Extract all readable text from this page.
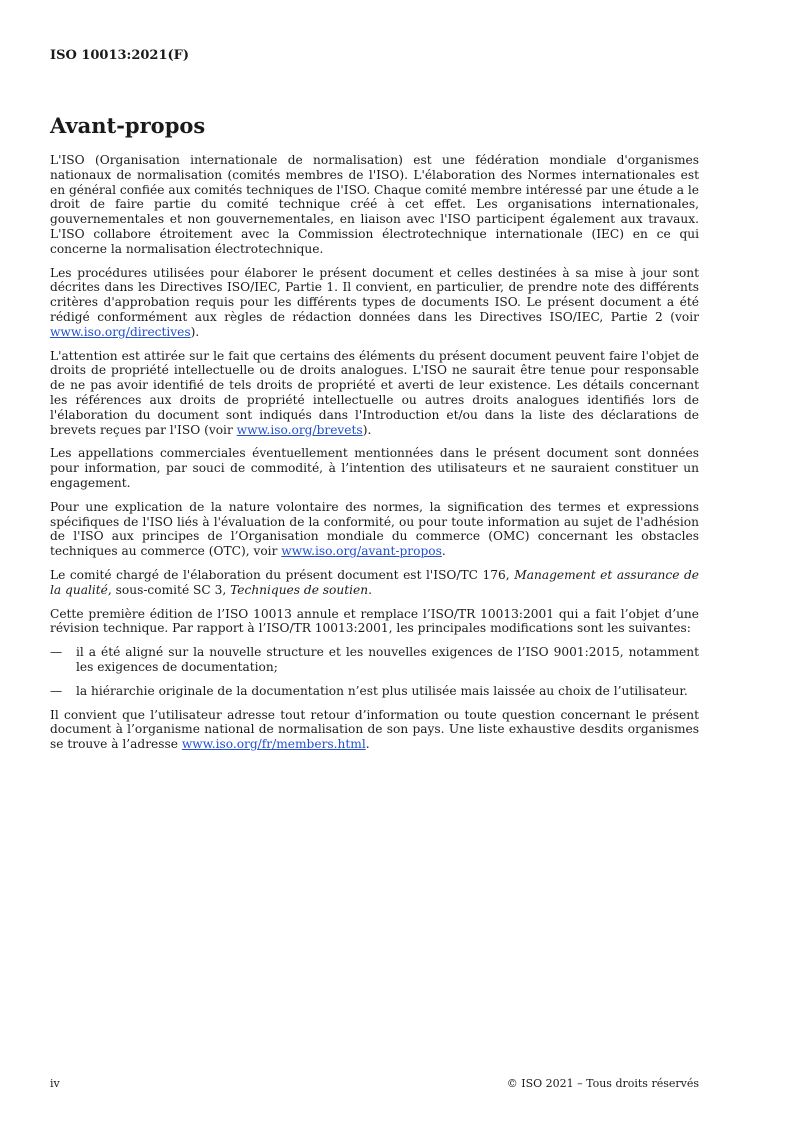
ISO 10013:2021(F)
Avant-propos

L'ISO (Organisation internationale de normalisation) est une fédération mondiale d'organismes nationaux de normalisation (comités membres de l'ISO). L'élaboration des Normes internationales est en général confiée aux comités techniques de l'ISO. Chaque comité membre intéressé par une étude a le droit de faire partie du comité technique créé à cet effet. Les organisations internationales, gouvernementales et non gouvernementales, en liaison avec l'ISO participent également aux travaux. L'ISO collabore étroitement avec la Commission électrotechnique internationale (IEC) en ce qui concerne la normalisation électrotechnique.

Les procédures utilisées pour élaborer le présent document et celles destinées à sa mise à jour sont décrites dans les Directives ISO/IEC, Partie 1. Il convient, en particulier, de prendre note des différents critères d'approbation requis pour les différents types de documents ISO. Le présent document a été rédigé conformément aux règles de rédaction données dans les Directives ISO/IEC, Partie 2 (voir www.iso.org/directives).

L'attention est attirée sur le fait que certains des éléments du présent document peuvent faire l'objet de droits de propriété intellectuelle ou de droits analogues. L'ISO ne saurait être tenue pour responsable de ne pas avoir identifié de tels droits de propriété et averti de leur existence. Les détails concernant les références aux droits de propriété intellectuelle ou autres droits analogues identifiés lors de l'élaboration du document sont indiqués dans l'Introduction et/ou dans la liste des déclarations de brevets reçues par l'ISO (voir www.iso.org/brevets).

Les appellations commerciales éventuellement mentionnées dans le présent document sont données pour information, par souci de commodité, à l’intention des utilisateurs et ne sauraient constituer un engagement.

Pour une explication de la nature volontaire des normes, la signification des termes et expressions spécifiques de l'ISO liés à l'évaluation de la conformité, ou pour toute information au sujet de l'adhésion de l'ISO aux principes de l’Organisation mondiale du commerce (OMC) concernant les obstacles techniques au commerce (OTC), voir www.iso.org/avant-propos.

Le comité chargé de l'élaboration du présent document est l'ISO/TC 176, Management et assurance de la qualité, sous-comité SC 3, Techniques de soutien.

Cette première édition de l’ISO 10013 annule et remplace l’ISO/TR 10013:2001 qui a fait l’objet d’une révision technique. Par rapport à l’ISO/TR 10013:2001, les principales modifications sont les suivantes:

—	il a été aligné sur la nouvelle structure et les nouvelles exigences de l’ISO 9001:2015, notamment les exigences de documentation;
—	la hiérarchie originale de la documentation n’est plus utilisée mais laissée au choix de l’utilisateur.

Il convient que l’utilisateur adresse tout retour d’information ou toute question concernant le présent document à l’organisme national de normalisation de son pays. Une liste exhaustive desdits organismes se trouve à l’adresse www.iso.org/fr/members.html.

iv	© ISO 2021 – Tous droits réservés
